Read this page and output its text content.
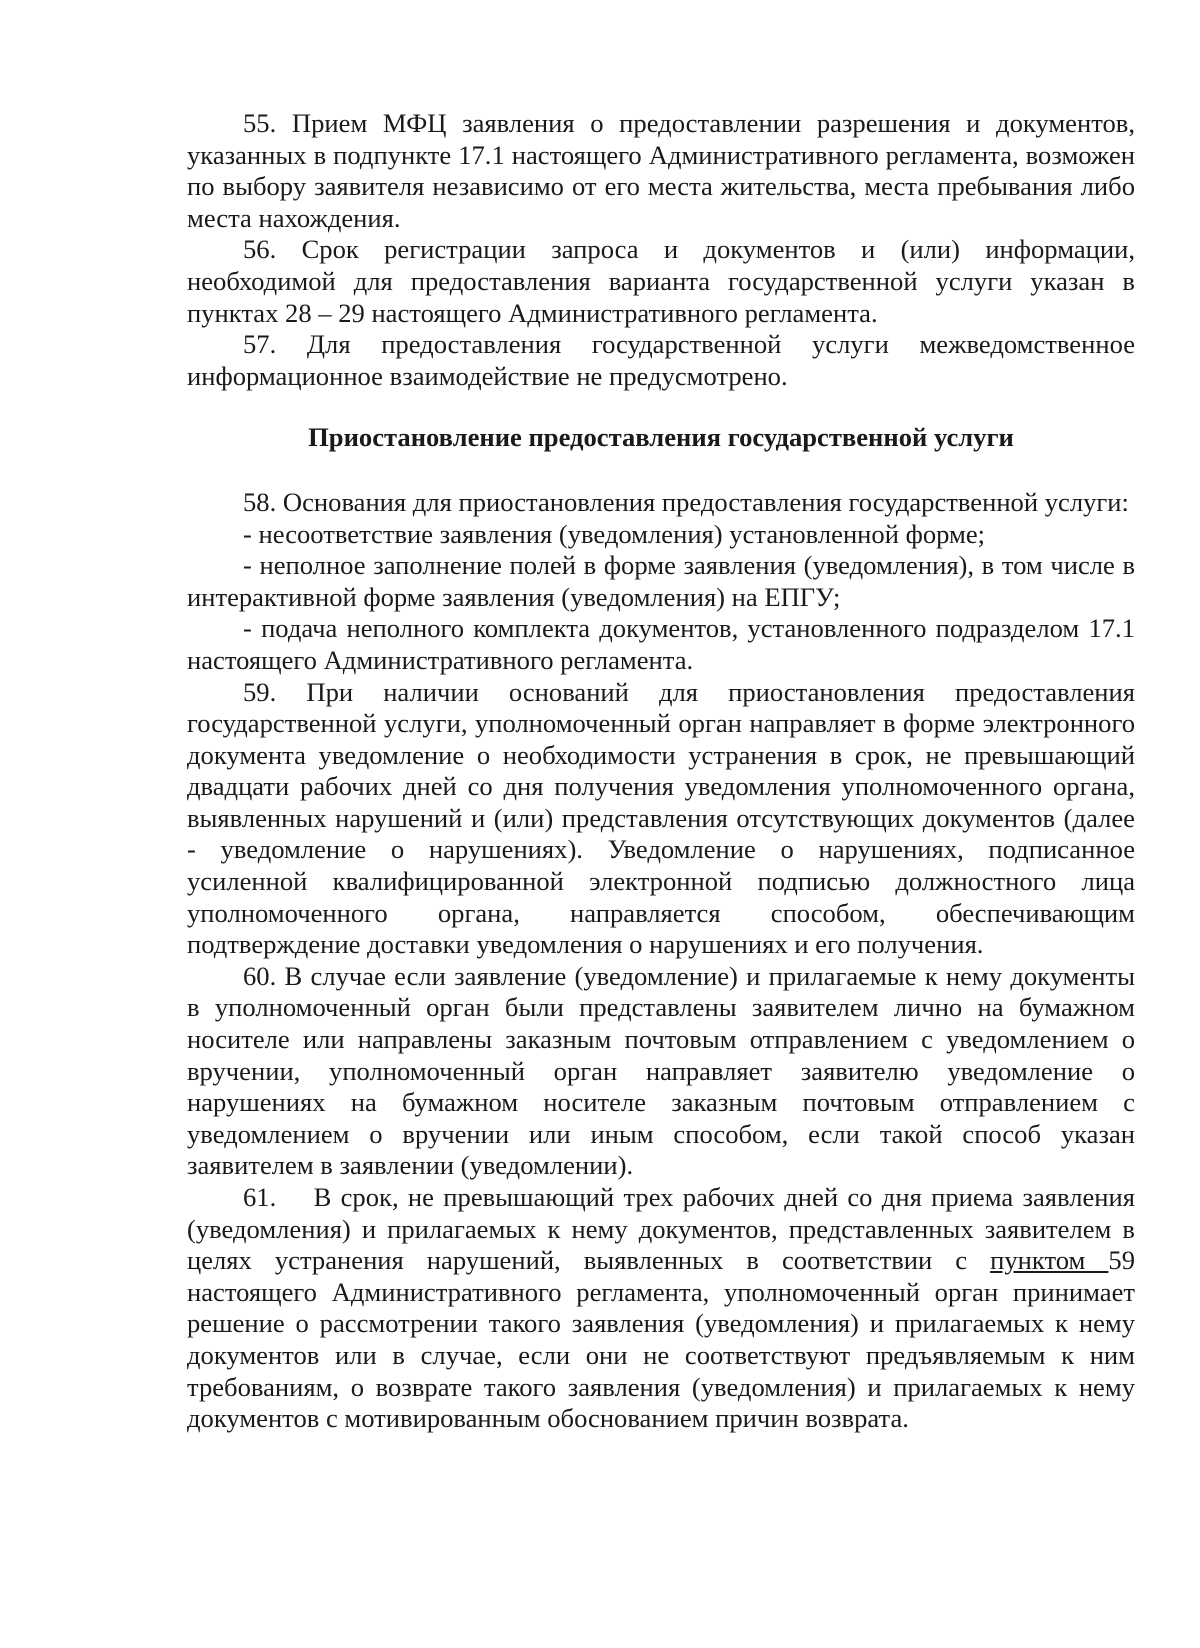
55. Прием МФЦ заявления о предоставлении разрешения и документов, указанных в подпункте 17.1 настоящего Административного регламента, возможен по выбору заявителя независимо от его места жительства, места пребывания либо места нахождения.

56. Срок регистрации запроса и документов и (или) информации, необходимой для предоставления варианта государственной услуги указан в пунктах 28 – 29 настоящего Административного регламента.

57. Для предоставления государственной услуги межведомственное информационное взаимодействие не предусмотрено.

Приостановление предоставления государственной услуги

58. Основания для приостановления предоставления государственной услуги:

- несоответствие заявления (уведомления) установленной форме;

- неполное заполнение полей в форме заявления (уведомления), в том числе в интерактивной форме заявления (уведомления) на ЕПГУ;

- подача неполного комплекта документов, установленного подразделом 17.1 настоящего Административного регламента.

59. При наличии оснований для приостановления предоставления государственной услуги, уполномоченный орган направляет в форме электронного документа уведомление о необходимости устранения в срок, не превышающий двадцати рабочих дней со дня получения уведомления уполномоченного органа, выявленных нарушений и (или) представления отсутствующих документов (далее - уведомление о нарушениях). Уведомление о нарушениях, подписанное усиленной квалифицированной электронной подписью должностного лица уполномоченного органа, направляется способом, обеспечивающим подтверждение доставки уведомления о нарушениях и его получения.

60. В случае если заявление (уведомление) и прилагаемые к нему документы в уполномоченный орган были представлены заявителем лично на бумажном носителе или направлены заказным почтовым отправлением с уведомлением о вручении, уполномоченный орган направляет заявителю уведомление о нарушениях на бумажном носителе заказным почтовым отправлением с уведомлением о вручении или иным способом, если такой способ указан заявителем в заявлении (уведомлении).

61. В срок, не превышающий трех рабочих дней со дня приема заявления (уведомления) и прилагаемых к нему документов, представленных заявителем в целях устранения нарушений, выявленных в соответствии с пунктом 59 настоящего Административного регламента, уполномоченный орган принимает решение о рассмотрении такого заявления (уведомления) и прилагаемых к нему документов или в случае, если они не соответствуют предъявляемым к ним требованиям, о возврате такого заявления (уведомления) и прилагаемых к нему документов с мотивированным обоснованием причин возврата.
